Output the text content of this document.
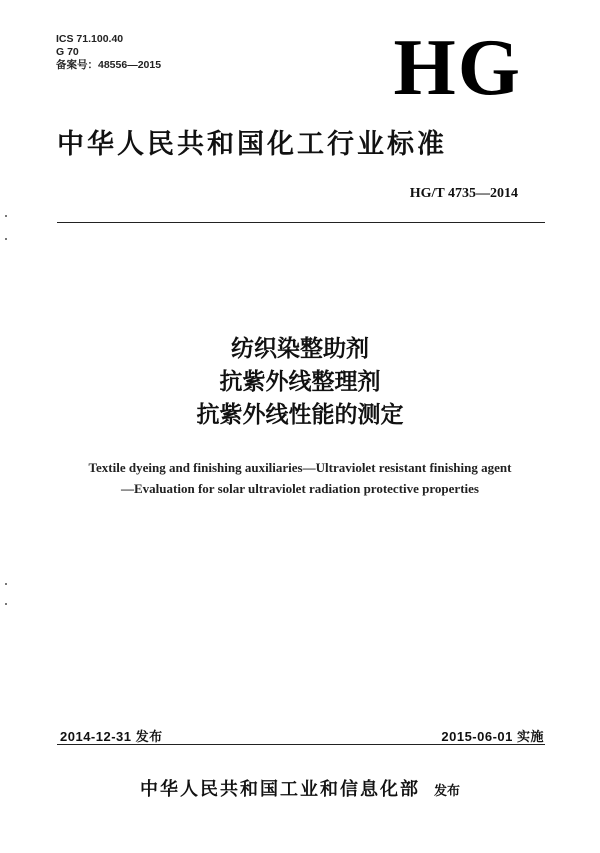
ICS 71.100.40
G 70
备案号：48556—2015	HG
中华人民共和国化工行业标准
HG/T 4735—2014
纺织染整助剂
抗紫外线整理剂
抗紫外线性能的测定
Textile dyeing and finishing auxiliaries—Ultraviolet resistant finishing agent
—Evaluation for solar ultraviolet radiation protective properties
2014-12-31 发布	2015-06-01 实施
中华人民共和国工业和信息化部 发布
